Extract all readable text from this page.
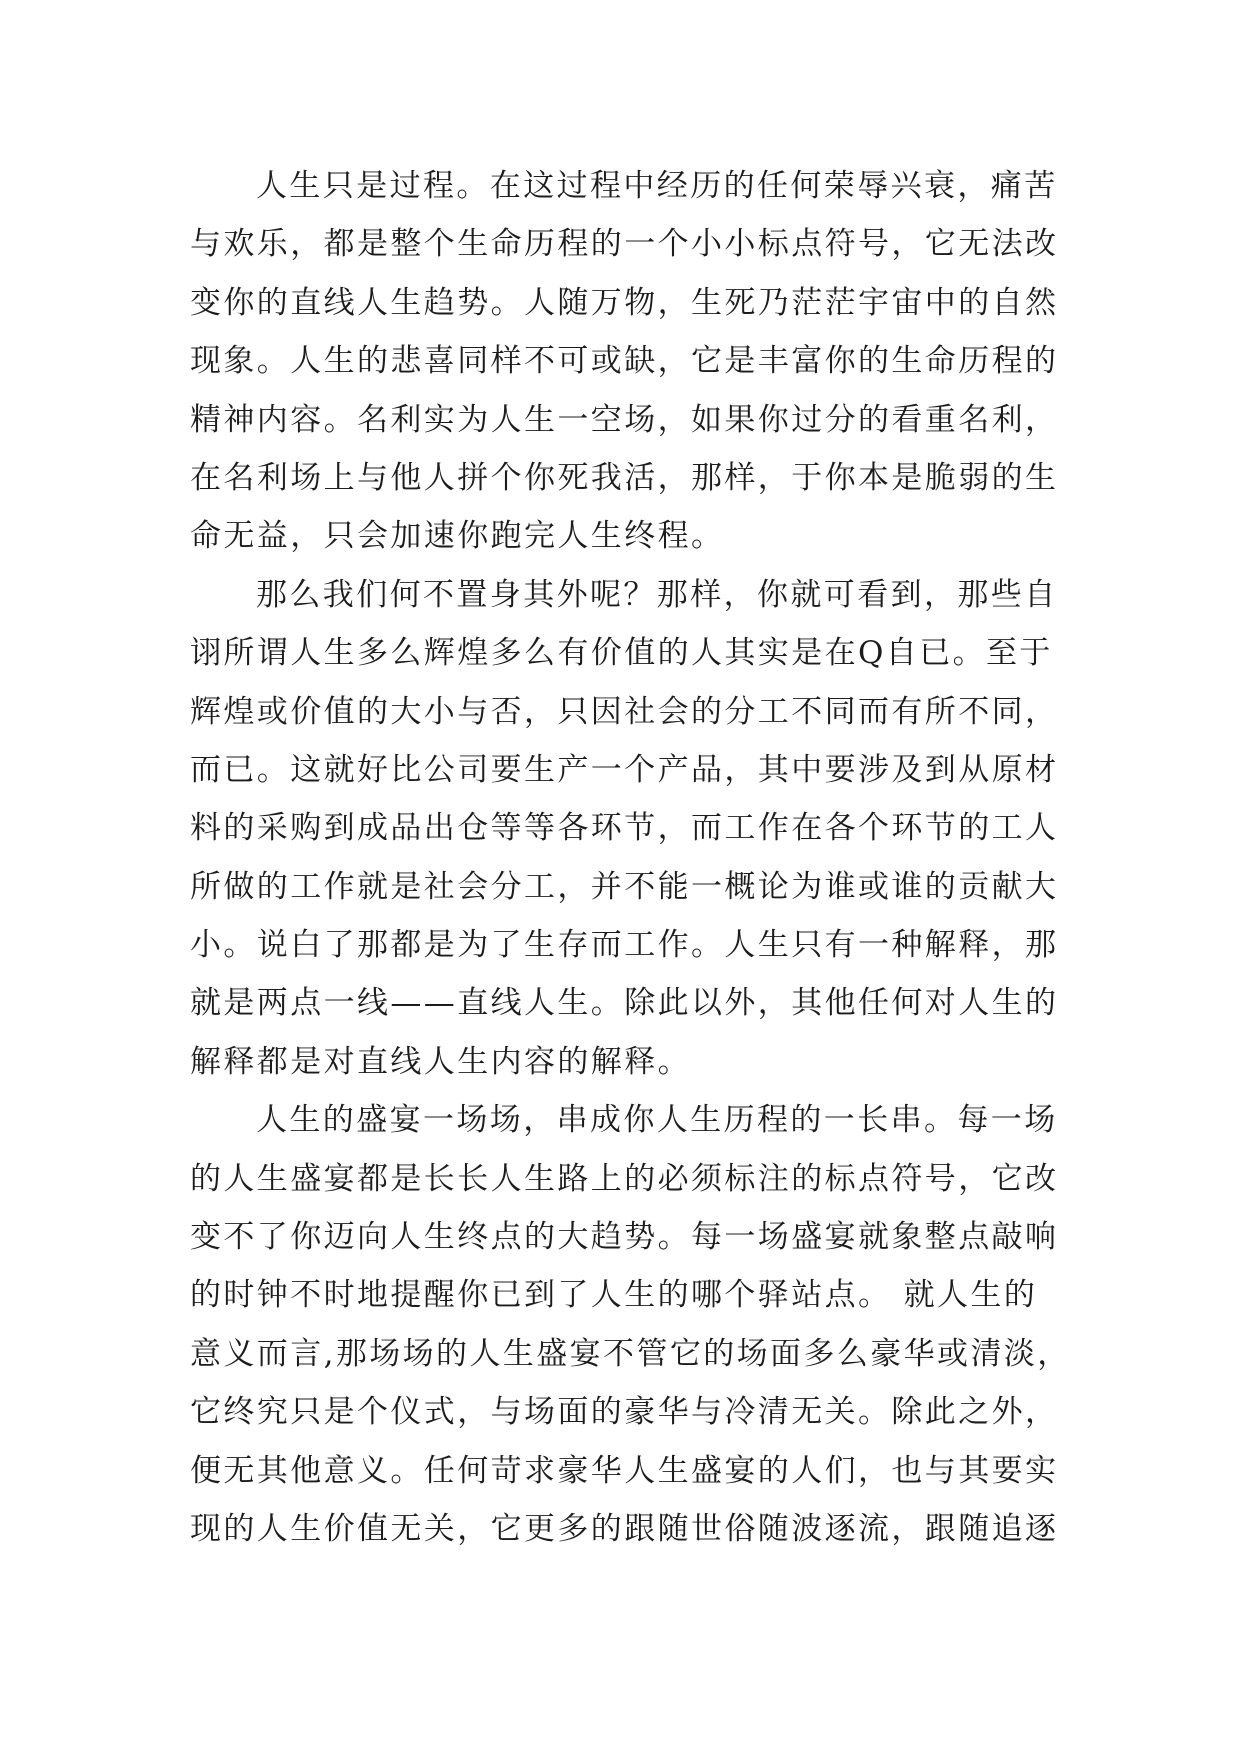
人生只是过程。在这过程中经历的任何荣辱兴衰，痛苦
与欢乐，都是整个生命历程的一个小小标点符号，它无法改
变你的直线人生趋势。人随万物，生死乃茫茫宇宙中的自然
现象。人生的悲喜同样不可或缺，它是丰富你的生命历程的
精神内容。名利实为人生一空场，如果你过分的看重名利，
在名利场上与他人拼个你死我活，那样，于你本是脆弱的生
命无益，只会加速你跑完人生终程。
那么我们何不置身其外呢？那样，你就可看到，那些自
诩所谓人生多么辉煌多么有价值的人其实是在Q自已。至于
辉煌或价值的大小与否，只因社会的分工不同而有所不同，
而已。这就好比公司要生产一个产品，其中要涉及到从原材
料的采购到成品出仓等等各环节，而工作在各个环节的工人
所做的工作就是社会分工，并不能一概论为谁或谁的贡献大
小。说白了那都是为了生存而工作。人生只有一种解释，那
就是两点一线——直线人生。除此以外，其他任何对人生的
解释都是对直线人生内容的解释。
人生的盛宴一场场，串成你人生历程的一长串。每一场
的人生盛宴都是长长人生路上的必须标注的标点符号，它改
变不了你迈向人生终点的大趋势。每一场盛宴就象整点敲响
的时钟不时地提醒你已到了人生的哪个驿站点。 就人生的
意义而言,那场场的人生盛宴不管它的场面多么豪华或清淡，
它终究只是个仪式，与场面的豪华与冷清无关。除此之外，
便无其他意义。任何苛求豪华人生盛宴的人们，也与其要实
现的人生价值无关，它更多的跟随世俗随波逐流，跟随追逐
